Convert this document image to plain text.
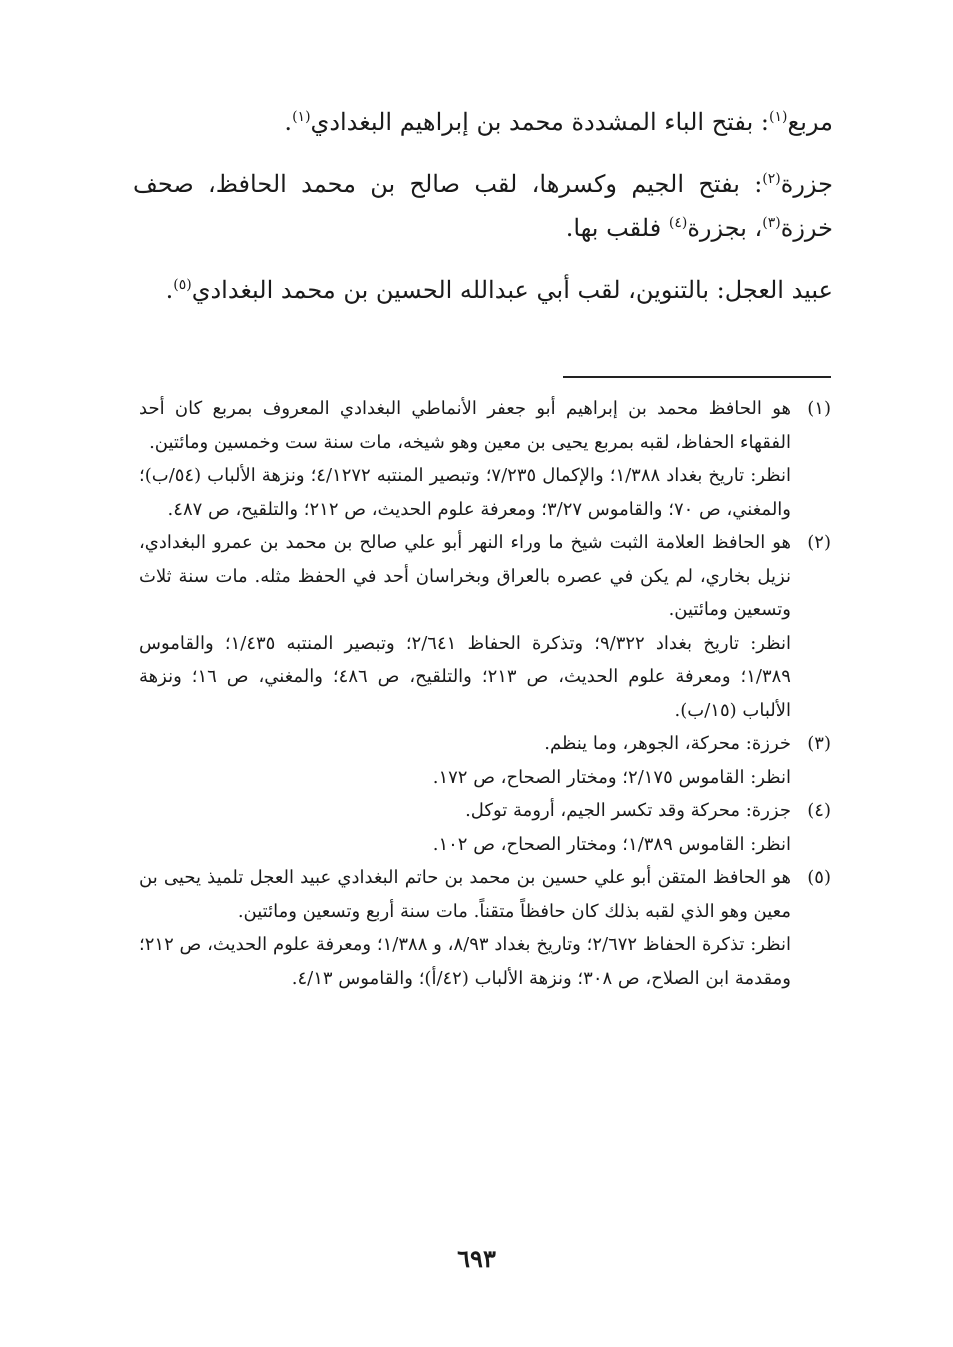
مربع$^{(١)}$: بفتح الباء المشددة محمد بن إبراهيم البغدادي$^{(١)}$.

جزرة$^{(٢)}$: بفتح الجيم وكسرها، لقب صالح بن محمد الحافظ، صحف خرزة$^{(٣)}$، بجزرة$^{(٤)}$ فلقب بها.

عبيد العجل: بالتنوين، لقب أبي عبدالله الحسين بن محمد البغدادي$^{(٥)}$.

(١)

هو الحافظ محمد بن إبراهيم أبو جعفر الأنماطي البغدادي المعروف بمربع كان أحد الفقهاء الحفاظ، لقبه بمربع يحيى بن معين وهو شيخه، مات سنة ست وخمسين ومائتين.

انظر: تاريخ بغداد ١/٣٨٨؛ والإكمال ٧/٢٣٥؛ وتبصير المنتبه ٤/١٢٧٢؛ ونزهة الألباب (٥٤/ب)؛ والمغني، ص ٧٠؛ والقاموس ٣/٢٧؛ ومعرفة علوم الحديث، ص ٢١٢؛ والتلقيح، ص ٤٨٧.

(٢)

هو الحافظ العلامة الثبت شيخ ما وراء النهر أبو علي صالح بن محمد بن عمرو البغدادي، نزيل بخاري، لم يكن في عصره بالعراق وبخراسان أحد في الحفظ مثله. مات سنة ثلاث وتسعين ومائتين.

انظر: تاريخ بغداد ٩/٣٢٢؛ وتذكرة الحفاظ ٢/٦٤١؛ وتبصير المنتبه ١/٤٣٥؛ والقاموس ١/٣٨٩؛ ومعرفة علوم الحديث، ص ٢١٣؛ والتلقيح، ص ٤٨٦؛ والمغني، ص ١٦؛ ونزهة الألباب (١٥/ب).

(٣)

خرزة: محركة، الجوهر، وما ينظم.

انظر: القاموس ٢/١٧٥؛ ومختار الصحاح، ص ١٧٢.

(٤)

جزرة: محركة وقد تكسر الجيم، أرومة توكل.

انظر: القاموس ١/٣٨٩؛ ومختار الصحاح، ص ١٠٢.

(٥)

هو الحافظ المتقن أبو علي حسين بن محمد بن حاتم البغدادي عبيد العجل تلميذ يحيى بن معين وهو الذي لقبه بذلك كان حافظاً متقناً. مات سنة أربع وتسعين ومائتين.

انظر: تذكرة الحفاظ ٢/٦٧٢؛ وتاريخ بغداد ٨/٩٣، و ١/٣٨٨؛ ومعرفة علوم الحديث، ص ٢١٢؛ ومقدمة ابن الصلاح، ص ٣٠٨؛ ونزهة الألباب (٤٢/أ)؛ والقاموس ٤/١٣.

٦٩٣
